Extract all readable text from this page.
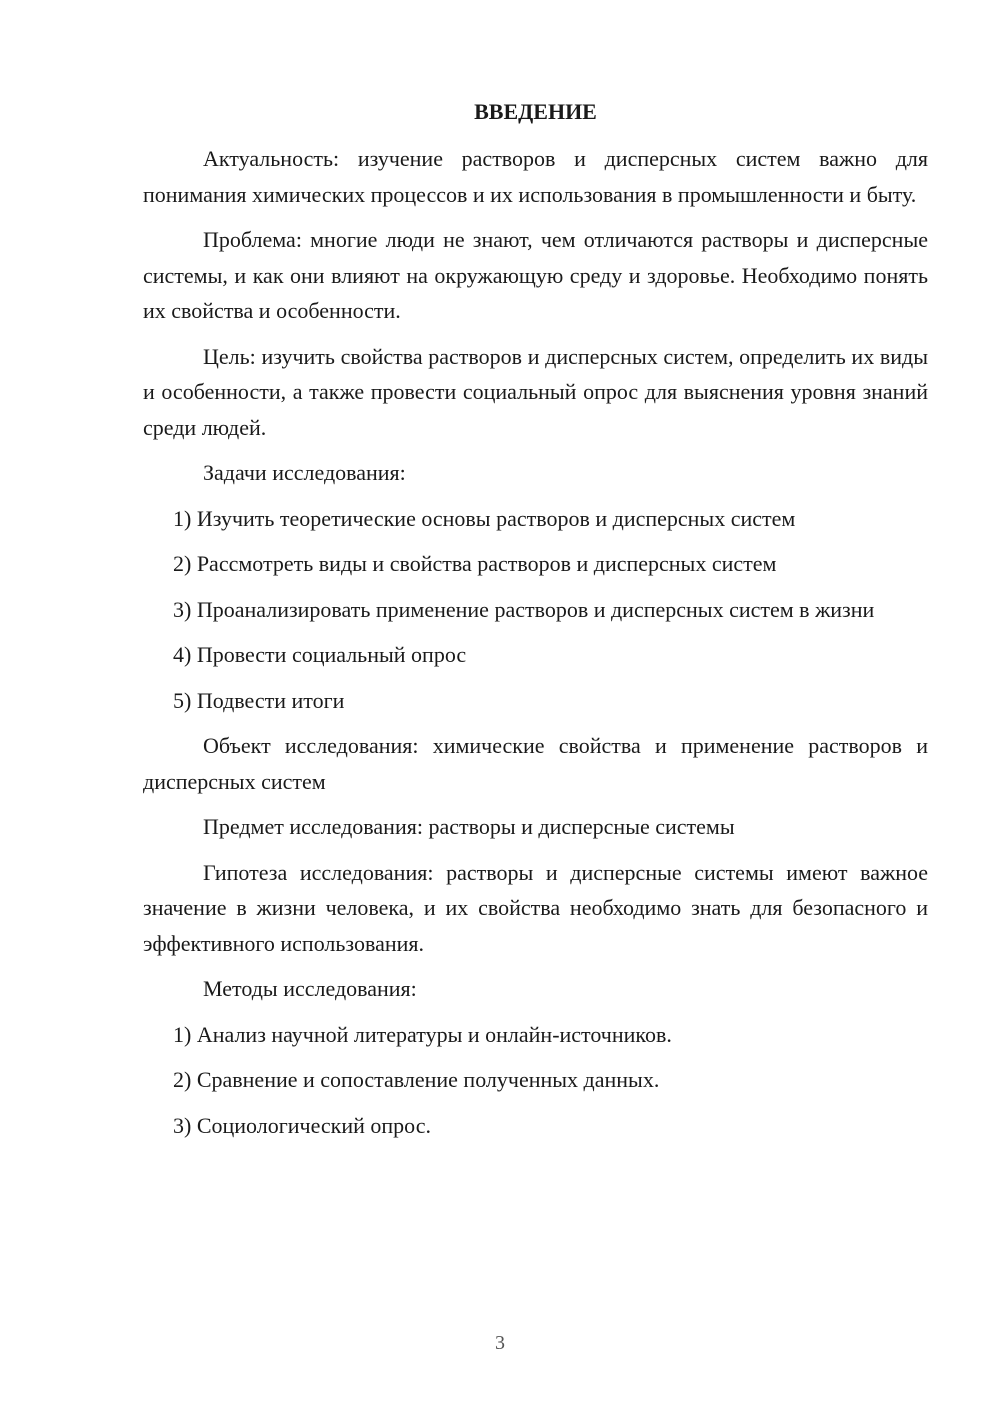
ВВЕДЕНИЕ

Актуальность: изучение растворов и дисперсных систем важно для понимания химических процессов и их использования в промышленности и быту.

Проблема: многие люди не знают, чем отличаются растворы и дисперсные системы, и как они влияют на окружающую среду и здоровье. Необходимо понять их свойства и особенности.

Цель: изучить свойства растворов и дисперсных систем, определить их виды и особенности, а также провести социальный опрос для выяснения уровня знаний среди людей.

Задачи исследования:

1) Изучить теоретические основы растворов и дисперсных систем

2) Рассмотреть виды и свойства растворов и дисперсных систем

3) Проанализировать применение растворов и дисперсных систем в жизни

4) Провести социальный опрос

5) Подвести итоги

Объект исследования: химические свойства и применение растворов и дисперсных систем

Предмет исследования: растворы и дисперсные системы

Гипотеза исследования: растворы и дисперсные системы имеют важное значение в жизни человека, и их свойства необходимо знать для безопасного и эффективного использования.

Методы исследования:

1) Анализ научной литературы и онлайн-источников.

2) Сравнение и сопоставление полученных данных.

3) Социологический опрос.

3
